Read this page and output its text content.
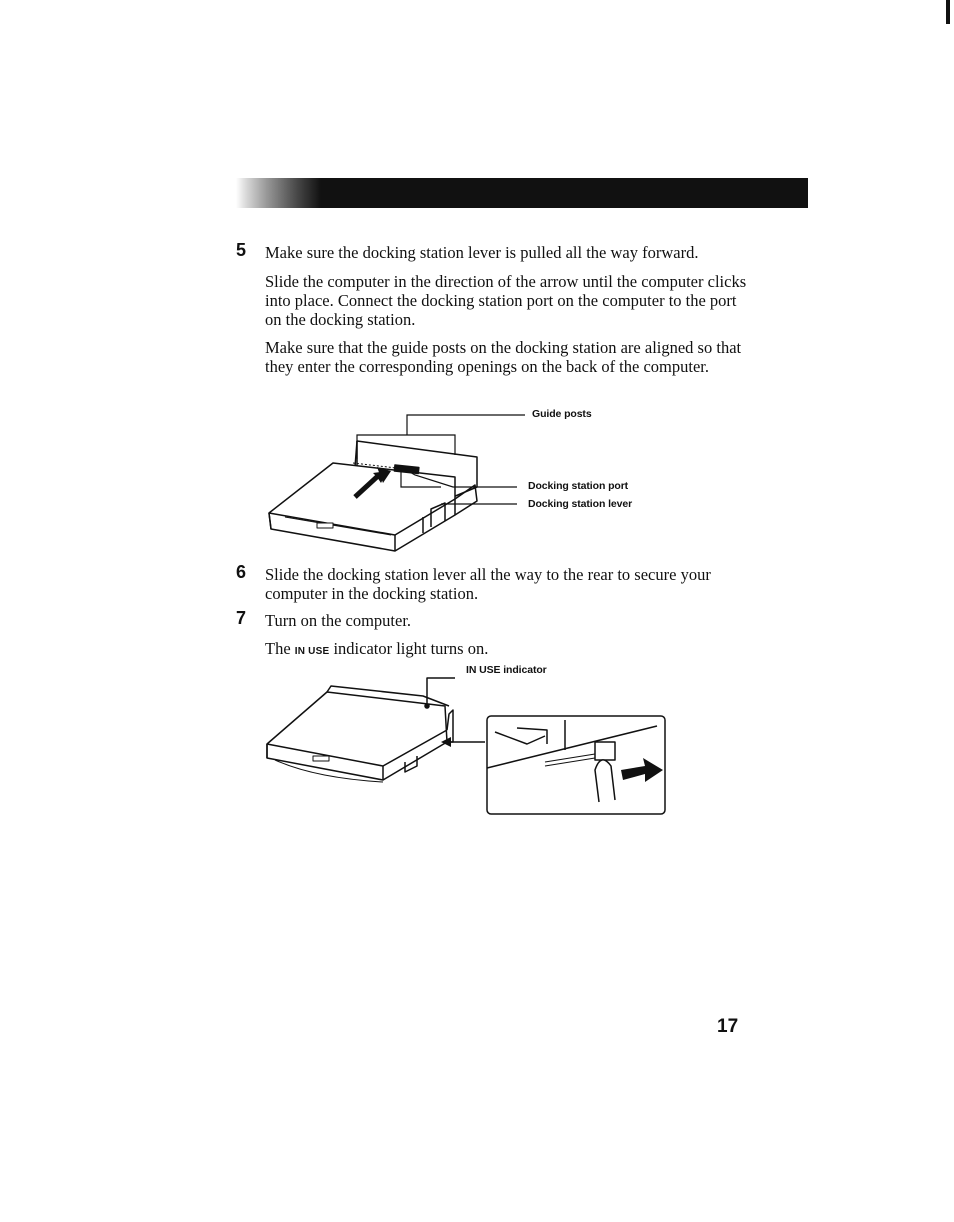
5 Make sure the docking station lever is pulled all the way forward.

Slide the computer in the direction of the arrow until the computer clicks into place. Connect the docking station port on the computer to the port on the docking station.

Make sure that the guide posts on the docking station are aligned so that they enter the corresponding openings on the back of the computer.

Guide posts
Docking station port
Docking station lever
6 Slide the docking station lever all the way to the rear to secure your computer in the docking station.

7 Turn on the computer.

The IN USE indicator light turns on.

IN USE indicator
17
